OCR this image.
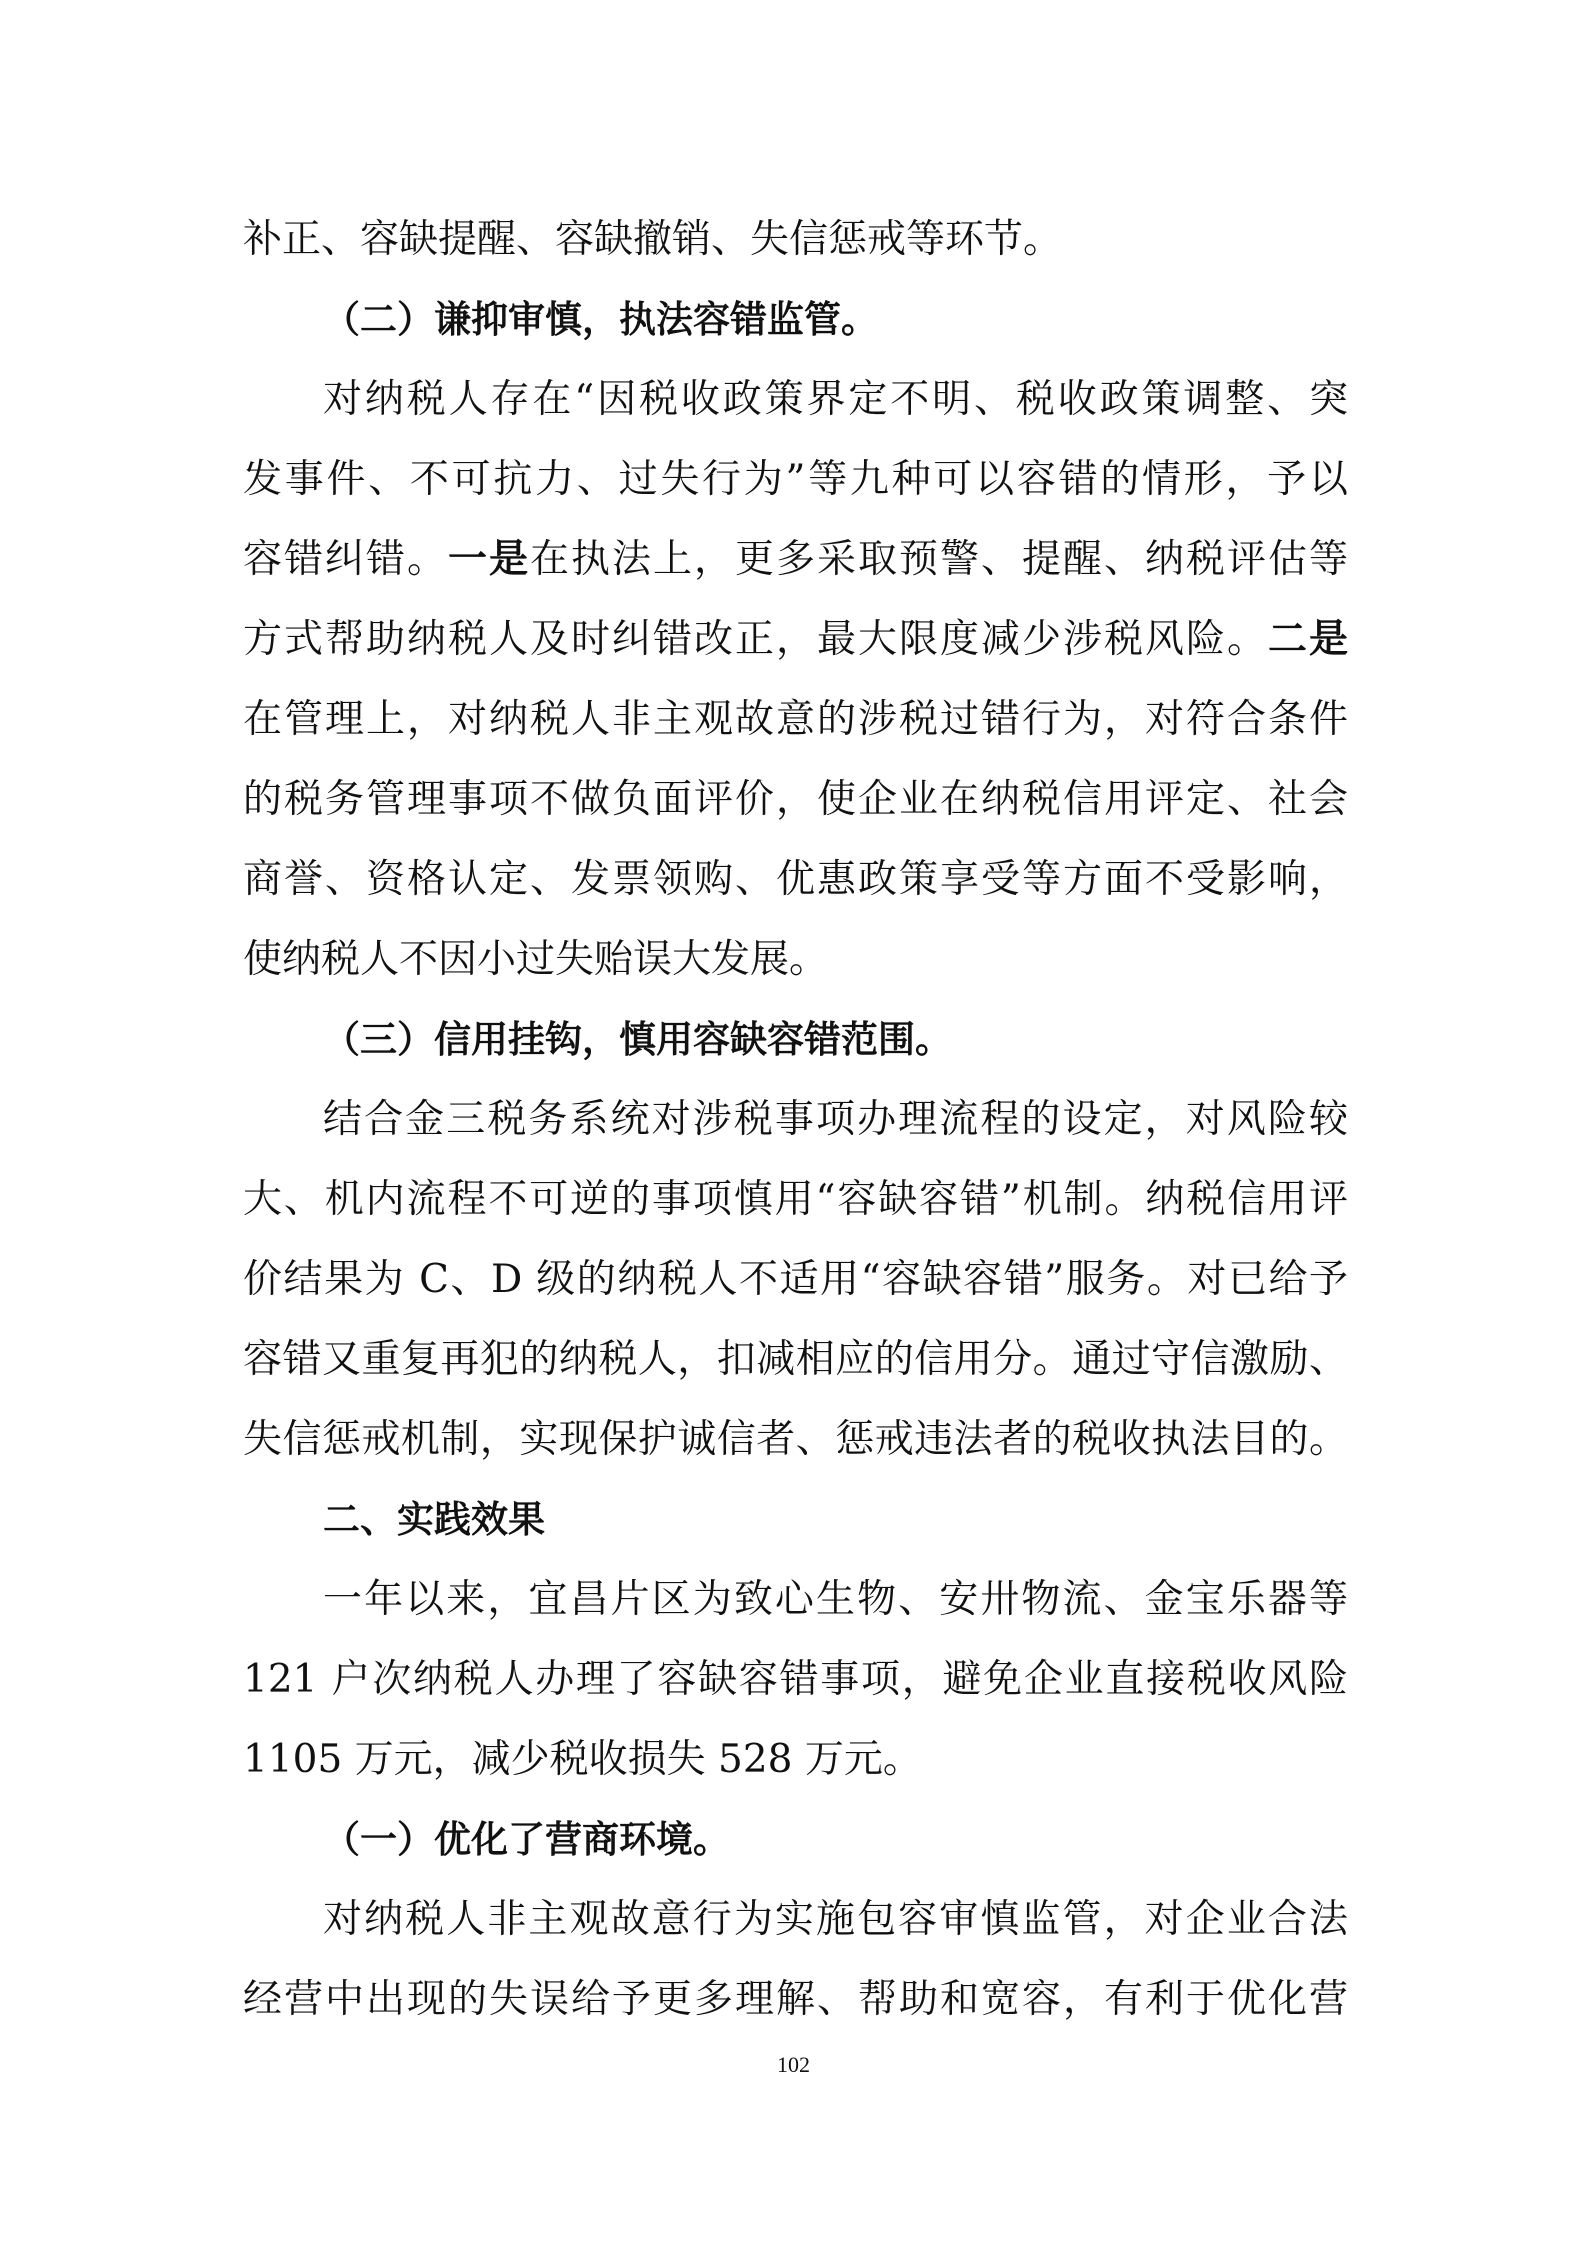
补正、容缺提醒、容缺撤销、失信惩戒等环节。
（二）谦抑审慎，执法容错监管。
对纳税人存在“因税收政策界定不明、税收政策调整、突
发事件、不可抗力、过失行为”等九种可以容错的情形，予以
容错纠错。一是在执法上，更多采取预警、提醒、纳税评估等
方式帮助纳税人及时纠错改正，最大限度减少涉税风险。二是
在管理上，对纳税人非主观故意的涉税过错行为，对符合条件
的税务管理事项不做负面评价，使企业在纳税信用评定、社会
商誉、资格认定、发票领购、优惠政策享受等方面不受影响，
使纳税人不因小过失贻误大发展。
（三）信用挂钩，慎用容缺容错范围。
结合金三税务系统对涉税事项办理流程的设定，对风险较
大、机内流程不可逆的事项慎用“容缺容错”机制。纳税信用评
价结果为 C、D 级的纳税人不适用“容缺容错”服务。对已给予
容错又重复再犯的纳税人，扣减相应的信用分。通过守信激励、
失信惩戒机制，实现保护诚信者、惩戒违法者的税收执法目的。
二、实践效果
一年以来，宜昌片区为致心生物、安卅物流、金宝乐器等
121 户次纳税人办理了容缺容错事项，避免企业直接税收风险
1105 万元，减少税收损失 528 万元。
（一）优化了营商环境。
对纳税人非主观故意行为实施包容审慎监管，对企业合法
经营中出现的失误给予更多理解、帮助和宽容，有利于优化营
102
